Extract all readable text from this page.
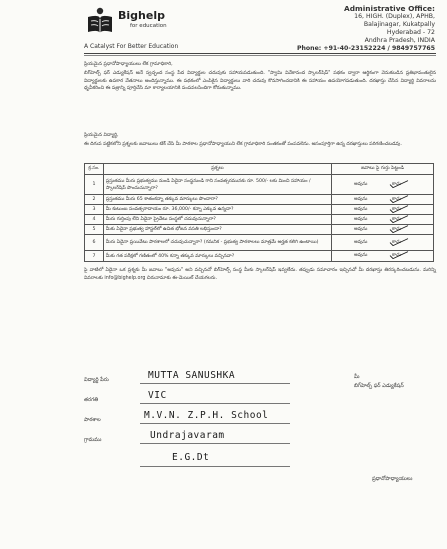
Bighelp
for education
A Catalyst For Better Education
Administrative Office:
16, HIGH. (Duplex), APHB,
Balajinagar, Kukatpally
Hyderabad - 72
Andhra Pradesh, INDIA
Phone: +91-40-23152224 / 9849757765
ప్రియమైన ప్రధానోపాధ్యాయులు లేక గ్రామాధికారి,
బిగ్‌హెల్ప్ ఫర్ ఎడ్యుకేషన్ అనే స్వచ్ఛంద సంస్థ పేద విద్యార్థుల చదువుకు సహాయపడుతుంది. "స్వామి వివేకానంద స్కాలర్‌షిప్" పథకం ద్వారా ఆర్థికంగా వెనుకబడిన ప్రతిభావంతులైన విద్యార్థులకు ఉపకార వేతనాలు అందిస్తున్నాము. ఈ పథకంలో ఎంపికైన విద్యార్థులు వారి చదువు కొనసాగించడానికి ఈ సహాయం ఉపయోగపడుతుంది. దరఖాస్తు చేసిన విద్యార్థి వివరాలను ధృవీకరించి ఈ పత్రాన్ని పూర్తిచేసి మా కార్యాలయానికి పంపవలసిందిగా కోరుతున్నాము.
ప్రియమైన విద్యార్థి,
ఈ దిగువ పట్టికలోని ప్రశ్నలకు జవాబులు టిక్ చేసి మీ పాఠశాల ప్రధానోపాధ్యాయుని లేక గ్రామాధికారి సంతకంతో పంపవలెను. అసంపూర్తిగా ఉన్న దరఖాస్తులు పరిగణించబడవు.
క్ర.సం.	ప్రశ్నలు	జవాబు పై గుర్తు పెట్టండి
1	ప్రస్తుతము మీరు ప్రభుత్వము నుండి ఏదైనా సంస్థనుండి గాని సంవత్సరమునకు రూ. 500/- లకు మించి సహాయం / స్కాలర్‌షిప్ పొందుచున్నారా?	అవును కాదు

2	ప్రస్తుతము మీరు 65 శాతంకన్నా తక్కువ మార్కులు పొందారా?	అవును కాదు

3	మీ కుటుంబ సంవత్సరాదాయం రూ. 36,000/- కన్నా ఎక్కువ ఉన్నదా?	అవును కాదు

4	మీరు గుర్తింపు లేని ఏదైనా ప్రైవేటు సంస్థలో చదువుచున్నారా?	అవును కాదు

5	మీకు ఏదైనా ప్రభుత్వ హాస్టల్‌లో ఉచిత భోజన వసతి లభిస్తుందా?	అవును కాదు

6	మీరు ఏదైనా ప్రయివేటు పాఠశాలలో చదువుచున్నారా? (గమనిక - ప్రభుత్వ పాఠశాలలు మాత్రమే అర్హత కలిగి ఉంటాయి)	అవును కాదు

7	మీకు గత పరీక్షలో గణితంలో 40% కన్నా తక్కువ మార్కులు వచ్చినవా?	అవును కాదు
పై వాటిలో ఏదైనా ఒక ప్రశ్నకు మీ జవాబు "అవును" అని వచ్చినచో బిగ్‌హెల్ప్ సంస్థ మీకు స్కాలర్‌షిప్ ఇవ్వలేదు. తప్పుడు సమాచారం ఇచ్చినచో మీ దరఖాస్తు తిరస్కరించబడును. మరిన్ని వివరాలకు info@bighelp.org చిరునామాకు ఈ-మెయిల్ చేయగలరు.
విద్యార్థి పేరు	MUTTA SANUSHKA
తరగతి	VIC
పాఠశాల	M.V.N. Z.P.H. School
గ్రామము	Undrajavaram
E.G.Dt
మీ
బిగ్‌హెల్ప్ ఫర్ ఎడ్యుకేషన్
ప్రధానోపాధ్యాయులు
